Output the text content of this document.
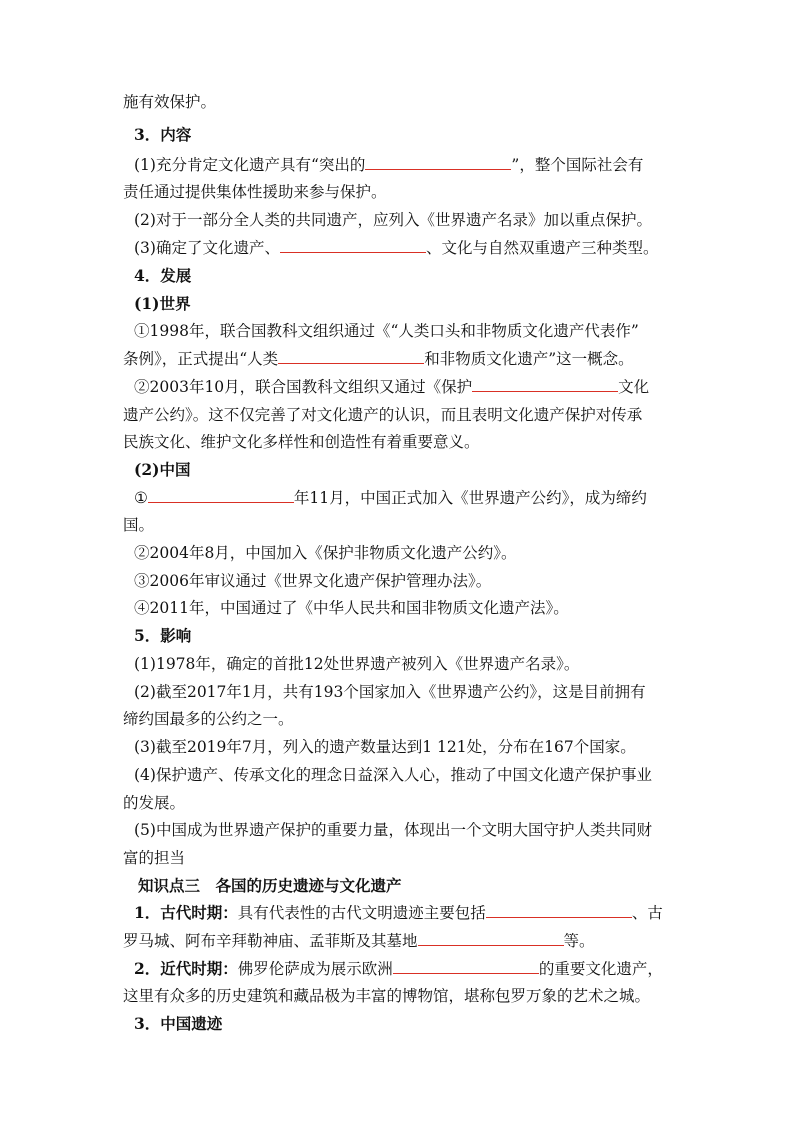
施有效保护。
3．内容
(1)充分肯定文化遗产具有“突出的	”，整个国际社会有
责任通过提供集体性援助来参与保护。
(2)对于一部分全人类的共同遗产，应列入《世界遗产名录》加以重点保护。
(3)确定了文化遗产、	、文化与自然双重遗产三种类型。
4．发展
(1)世界
①1998年，联合国教科文组织通过《“人类口头和非物质文化遗产代表作”
条例》，正式提出“人类	和非物质文化遗产”这一概念。
②2003年10月，联合国教科文组织又通过《保护	文化
遗产公约》。这不仅完善了对文化遗产的认识，而且表明文化遗产保护对传承
民族文化、维护文化多样性和创造性有着重要意义。
(2)中国
①	年11月，中国正式加入《世界遗产公约》，成为缔约
国。
②2004年8月，中国加入《保护非物质文化遗产公约》。
③2006年审议通过《世界文化遗产保护管理办法》。
④2011年，中国通过了《中华人民共和国非物质文化遗产法》。
5．影响
(1)1978年，确定的首批12处世界遗产被列入《世界遗产名录》。
(2)截至2017年1月，共有193个国家加入《世界遗产公约》，这是目前拥有
缔约国最多的公约之一。
(3)截至2019年7月，列入的遗产数量达到1 121处，分布在167个国家。
(4)保护遗产、传承文化的理念日益深入人心，推动了中国文化遗产保护事业
的发展。
(5)中国成为世界遗产保护的重要力量，体现出一个文明大国守护人类共同财
富的担当
知识点三　各国的历史遗迹与文化遗产
1．古代时期：具有代表性的古代文明遗迹主要包括	、古
罗马城、阿布辛拜勒神庙、孟菲斯及其墓地	等。
2．近代时期：佛罗伦萨成为展示欧洲	的重要文化遗产，
这里有众多的历史建筑和藏品极为丰富的博物馆，堪称包罗万象的艺术之城。
3．中国遗迹
